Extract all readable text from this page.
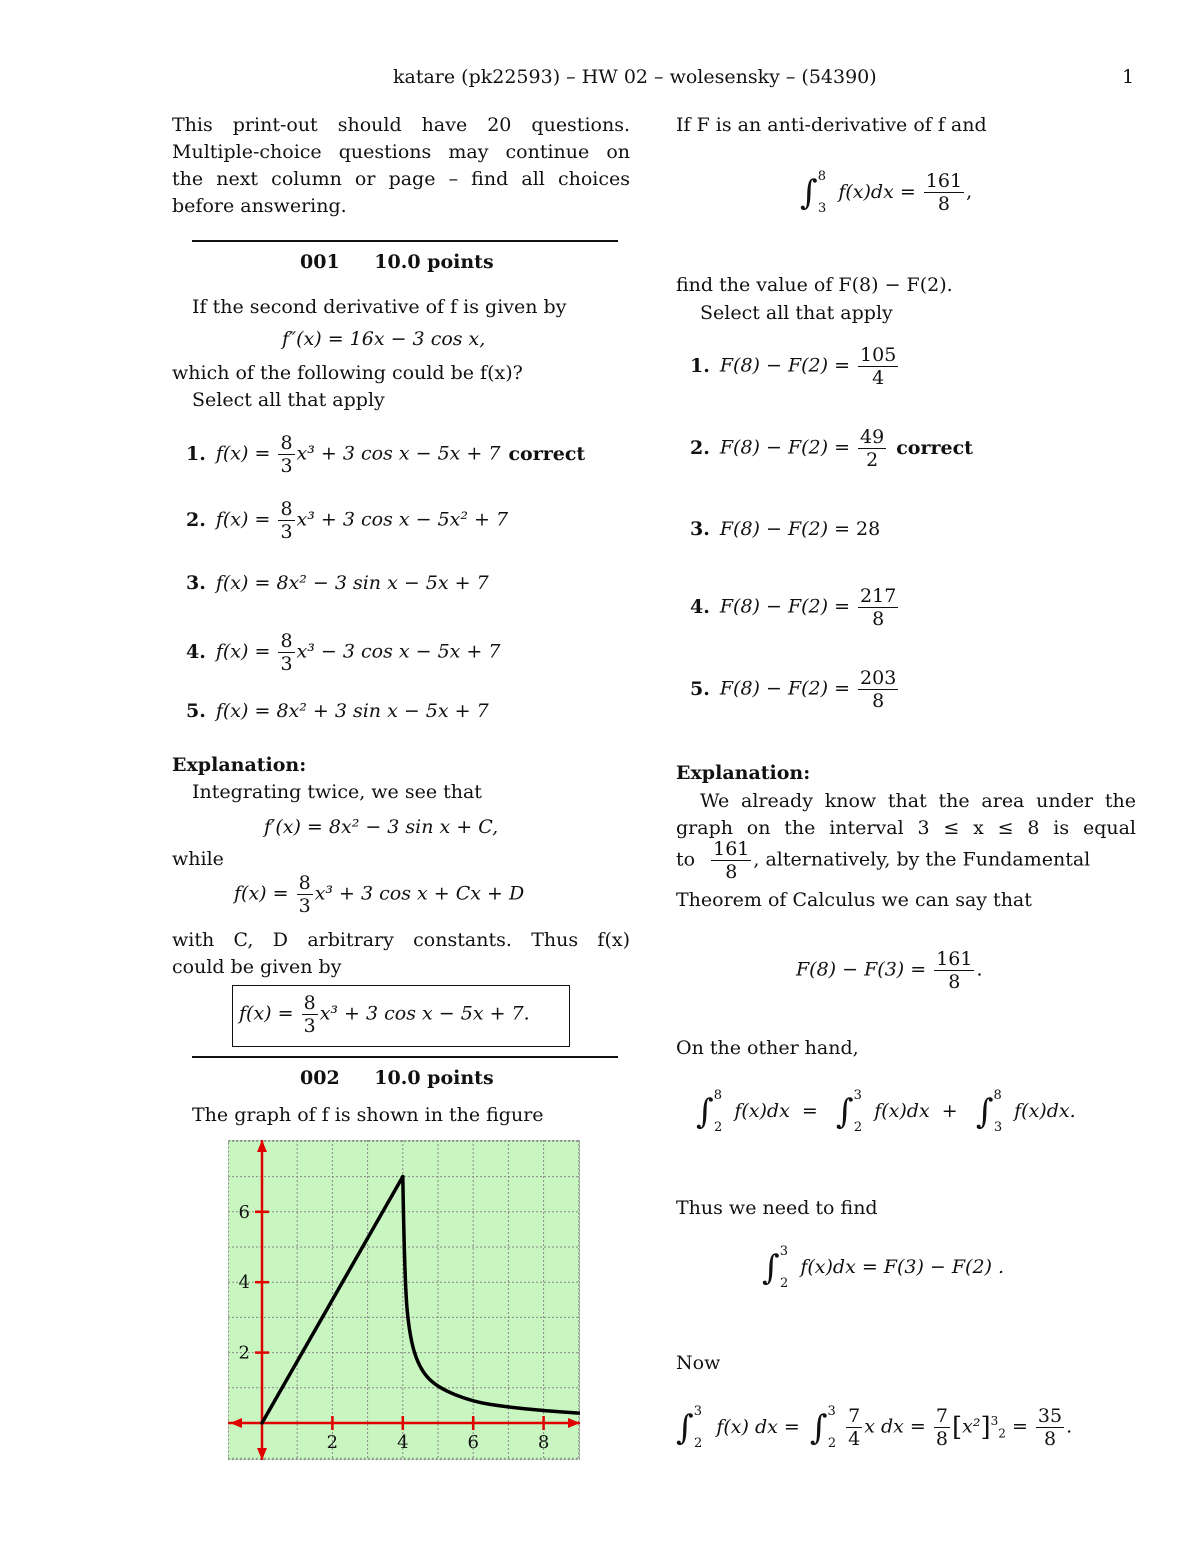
katare (pk22593) – HW 02 – wolesensky – (54390)	1
This print-out should have 20 questions.
Multiple-choice questions may continue on
the next column or page – find all choices
before answering.
001 10.0 points
If the second derivative of f is given by
f″(x) = 16x − 3 cos x,
which of the following could be f(x)?
Select all that apply
1. $f(x) = \frac{8}{3} x^3 + 3$ cos x − 5x + 7 correct
2. $f(x) = \frac{8}{3} x^3 + 3$ cos x − 5x² + 7
3. f(x) = 8x² − 3 sin x − 5x + 7
4. $f(x) = \frac{8}{3} x^3 - 3$ cos x − 5x + 7
5. f(x) = 8x² + 3 sin x − 5x + 7
Explanation:
Integrating twice, we see that
f′(x) = 8x² − 3 sin x + C,
while
$f(x) = \frac{8}{3} x^3 + 3$ cos x + Cx + D
with C, D arbitrary constants. Thus f(x)
could be given by
$f(x) = \frac{8}{3} x^3 + 3$ cos x − 5x + 7.
002 10.0 points
The graph of f is shown in the figure
2	4	6	8
2
4
6
If F is an anti-derivative of f and
∫$^8_3$ $f(x)dx = \frac{161}{8}$ ,
find the value of F(8) − F(2).
Select all that apply
1. $F(8) - F(2) = \frac{105}{4}$
2. $F(8) - F(2) = \frac{49}{2}$ correct
3. F(8) − F(2) = 28
4. $F(8) - F(2) = \frac{217}{8}$
5. $F(8) - F(2) = \frac{203}{8}$
Explanation:
We already know that the area under the
graph on the interval 3 ≤ x ≤ 8 is equal
to $\frac{161}{8}$ , alternatively, by the Fundamental
Theorem of Calculus we can say that
$F(8) - F(3) = \frac{161}{8}$ .
On the other hand,
∫$^8_2$ f(x)dx  =   ∫$^3_2$ f(x)dx  +   ∫$^8_3$ f(x)dx.
Thus we need to find
∫$^3_2$ f(x)dx = F(3) − F(2) .
Now
∫$^3_2$ f(x) dx = $\int^3_2 \frac{7}{4}$ x dx = $\frac{7}{8} [x^2]^3_2 = \frac{35}{8}$ .
